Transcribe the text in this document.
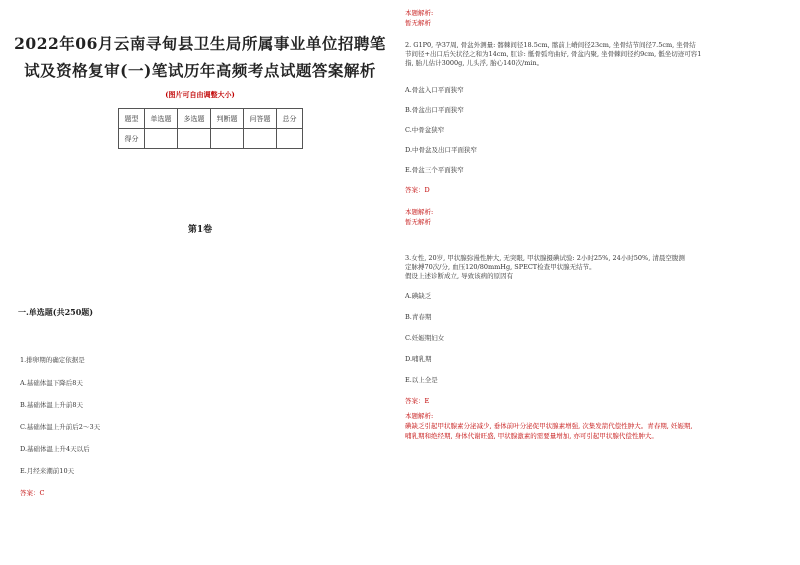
2022年06月云南寻甸县卫生局所属事业单位招聘笔试及资格复审(一)笔试历年高频考点试题答案解析
(图片可自由调整大小)
题型	单选题	多选题	判断题	问答题	总分
得分					
第1卷
一.单选题(共250题)
1.排卵期的确定依据是
A.基础体温下降后8天
B.基础体温上升前8天
C.基础体温上升前后2～3天
D.基础体温上升4天以后
E.月经来潮前10天
答案：C
本题解析:
暂无解析
2. G1P0, 孕37周, 骨盆外测量: 髂棘间径18.5cm, 髂前上嵴间径23cm, 坐骨结节间径7.5cm, 坐骨结
节间径+出口后矢状径之和为14cm, 肛诊: 骶骨弧弯曲好, 骨盆内聚, 坐骨棘间径约9cm, 骶坐切迹可容1
指, 胎儿估计3000g, 儿头浮, 胎心140次/min。
A.骨盆入口平面狭窄
B.骨盆出口平面狭窄
C.中骨盆狭窄
D.中骨盆及出口平面狭窄
E.骨盆三个平面狭窄
答案：D
本题解析:
暂无解析
3.女性, 20岁, 甲状腺弥漫性肿大, 无突眼, 甲状腺摄碘试验: 2小时25%, 24小时50%, 清晨空腹测
定脉搏70次/分, 血压120/80mmHg, SPECT检查甲状腺无结节。
假设上述诊断成立, 导致该病的原因有
A.碘缺乏
B.青春期
C.妊娠期妇女
D.哺乳期
E.以上全是
答案：E
本题解析:
碘缺乏引起甲状腺素分泌减少, 垂体前叶分泌促甲状腺素增强, 次集发箭代偿性肿大。青春期, 妊娠期,
哺乳期和绝经期, 身体代谢旺盛, 甲状腺激素的需要量增加, 亦可引起甲状腺代偿性肿大。
